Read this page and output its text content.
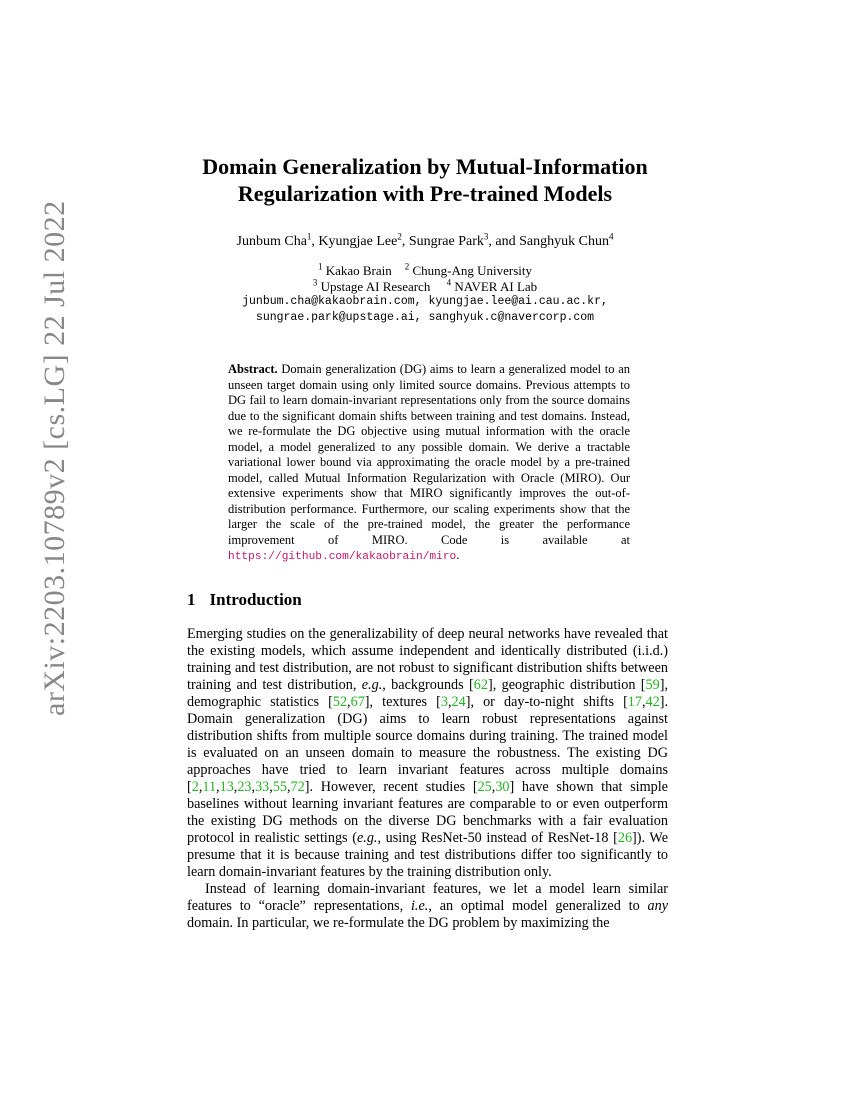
arXiv:2203.10789v2 [cs.LG] 22 Jul 2022
Domain Generalization by Mutual-Information
Regularization with Pre-trained Models
Junbum Cha$^1$, Kyungjae Lee$^2$, Sungrae Park$^3$, and Sanghyuk Chun$^4$
$^1$ Kakao Brain $^2$ Chung-Ang University
$^3$ Upstage AI Research $^4$ NAVER AI Lab
junbum.cha@kakaobrain.com, kyungjae.lee@ai.cau.ac.kr,
sungrae.park@upstage.ai, sanghyuk.c@navercorp.com
Abstract. Domain generalization (DG) aims to learn a generalized model to an unseen target domain using only limited source domains. Previous attempts to DG fail to learn domain-invariant representations only from the source domains due to the significant domain shifts between training and test domains. Instead, we re-formulate the DG objective using mutual information with the oracle model, a model generalized to any possible domain. We derive a tractable variational lower bound via approximating the oracle model by a pre-trained model, called Mutual Information Regularization with Oracle (MIRO). Our extensive experiments show that MIRO significantly improves the out-of-distribution performance. Furthermore, our scaling experiments show that the larger the scale of the pre-trained model, the greater the performance improvement of MIRO. Code is available at https://github.com/kakaobrain/miro.
1 Introduction

Emerging studies on the generalizability of deep neural networks have revealed that the existing models, which assume independent and identically distributed (i.i.d.) training and test distribution, are not robust to significant distribution shifts between training and test distribution, e.g., backgrounds [62], geographic distribution [59], demographic statistics [52,67], textures [3,24], or day-to-night shifts [17,42]. Domain generalization (DG) aims to learn robust representations against distribution shifts from multiple source domains during training. The trained model is evaluated on an unseen domain to measure the robustness. The existing DG approaches have tried to learn invariant features across multiple domains [2,11,13,23,33,55,72]. However, recent studies [25,30] have shown that simple baselines without learning invariant features are comparable to or even outperform the existing DG methods on the diverse DG benchmarks with a fair evaluation protocol in realistic settings (e.g., using ResNet-50 instead of ResNet-18 [26]). We presume that it is because training and test distributions differ too significantly to learn domain-invariant features by the training distribution only.

Instead of learning domain-invariant features, we let a model learn similar features to “oracle” representations, i.e., an optimal model generalized to any domain. In particular, we re-formulate the DG problem by maximizing the
